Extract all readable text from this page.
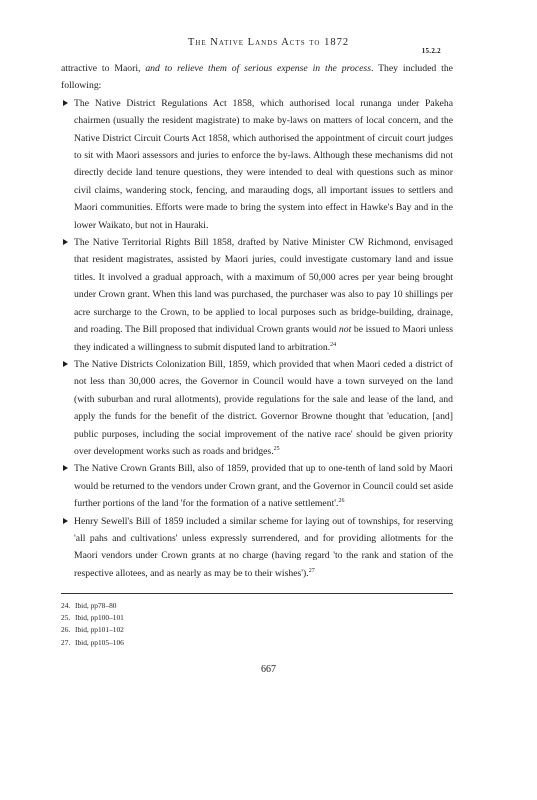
The Native Lands Acts to 1872
15.2.2

attractive to Maori, and to relieve them of serious expense in the process. They included the following:

The Native District Regulations Act 1858, which authorised local runanga under Pakeha chairmen (usually the resident magistrate) to make by-laws on matters of local concern, and the Native District Circuit Courts Act 1858, which authorised the appointment of circuit court judges to sit with Maori assessors and juries to enforce the by-laws. Although these mechanisms did not directly decide land tenure questions, they were intended to deal with questions such as minor civil claims, wandering stock, fencing, and marauding dogs, all important issues to settlers and Maori communities. Efforts were made to bring the system into effect in Hawke's Bay and in the lower Waikato, but not in Hauraki.
The Native Territorial Rights Bill 1858, drafted by Native Minister CW Richmond, envisaged that resident magistrates, assisted by Maori juries, could investigate customary land and issue titles. It involved a gradual approach, with a maximum of 50,000 acres per year being brought under Crown grant. When this land was purchased, the purchaser was also to pay 10 shillings per acre surcharge to the Crown, to be applied to local purposes such as bridge-building, drainage, and roading. The Bill proposed that individual Crown grants would not be issued to Maori unless they indicated a willingness to submit disputed land to arbitration.$^{24}$
The Native Districts Colonization Bill, 1859, which provided that when Maori ceded a district of not less than 30,000 acres, the Governor in Council would have a town surveyed on the land (with suburban and rural allotments), provide regulations for the sale and lease of the land, and apply the funds for the benefit of the district. Governor Browne thought that 'education, [and] public purposes, including the social improvement of the native race' should be given priority over development works such as roads and bridges.$^{25}$
The Native Crown Grants Bill, also of 1859, provided that up to one-tenth of land sold by Maori would be returned to the vendors under Crown grant, and the Governor in Council could set aside further portions of the land 'for the formation of a native settlement'.$^{26}$
Henry Sewell's Bill of 1859 included a similar scheme for laying out of townships, for reserving 'all pahs and cultivations' unless expressly surrendered, and for providing allotments for the Maori vendors under Crown grants at no charge (having regard 'to the rank and station of the respective allotees, and as nearly as may be to their wishes').$^{27}$
24. Ibid, pp78–80
25. Ibid, pp100–101
26. Ibid, pp101–102
27. Ibid, pp105–106
667
